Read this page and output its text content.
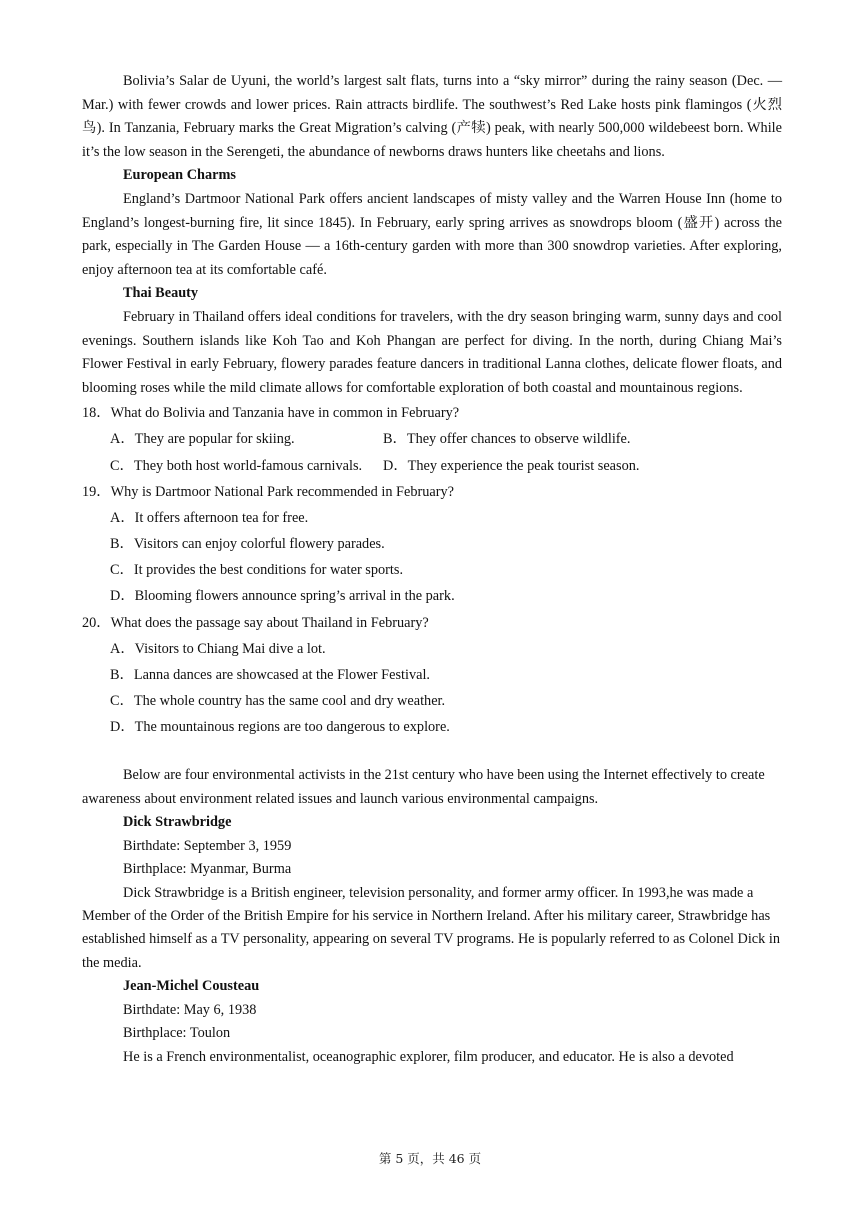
Bolivia’s Salar de Uyuni, the world’s largest salt flats, turns into a “sky mirror” during the rainy season (Dec. — Mar.) with fewer crowds and lower prices. Rain attracts birdlife. The southwest’s Red Lake hosts pink flamingos (火烈鸟). In Tanzania, February marks the Great Migration’s calving (产犊) peak, with nearly 500,000 wildebeest born. While it’s the low season in the Serengeti, the abundance of newborns draws hunters like cheetahs and lions.

European Charms

England’s Dartmoor National Park offers ancient landscapes of misty valley and the Warren House Inn (home to England’s longest-burning fire, lit since 1845). In February, early spring arrives as snowdrops bloom (盛开) across the park, especially in The Garden House — a 16th-century garden with more than 300 snowdrop varieties. After exploring, enjoy afternoon tea at its comfortable café.

Thai Beauty

February in Thailand offers ideal conditions for travelers, with the dry season bringing warm, sunny days and cool evenings. Southern islands like Koh Tao and Koh Phangan are perfect for diving. In the north, during Chiang Mai’s Flower Festival in early February, flowery parades feature dancers in traditional Lanna clothes, delicate flower floats, and blooming roses while the mild climate allows for comfortable exploration of both coastal and mountainous regions.

18．What do Bolivia and Tanzania have in common in February?

A．They are popular for skiing.	B．They offer chances to observe wildlife.
C．They both host world-famous carnivals.	D．They experience the peak tourist season.

19．Why is Dartmoor National Park recommended in February?

A．It offers afternoon tea for free.

B．Visitors can enjoy colorful flowery parades.

C．It provides the best conditions for water sports.

D．Blooming flowers announce spring’s arrival in the park.

20．What does the passage say about Thailand in February?

A．Visitors to Chiang Mai dive a lot.

B．Lanna dances are showcased at the Flower Festival.

C．The whole country has the same cool and dry weather.

D．The mountainous regions are too dangerous to explore.

Below are four environmental activists in the 21st century who have been using the Internet effectively to create awareness about environment related issues and launch various environmental campaigns.

Dick Strawbridge

Birthdate: September 3, 1959

Birthplace: Myanmar, Burma

Dick Strawbridge is a British engineer, television personality, and former army officer. In 1993,he was made a Member of the Order of the British Empire for his service in Northern Ireland. After his military career, Strawbridge has established himself as a TV personality, appearing on several TV programs. He is popularly referred to as Colonel Dick in the media.

Jean-Michel Cousteau

Birthdate: May 6, 1938

Birthplace: Toulon

He is a French environmentalist, oceanographic explorer, film producer, and educator. He is also a devoted

第 5 页，共 46 页
